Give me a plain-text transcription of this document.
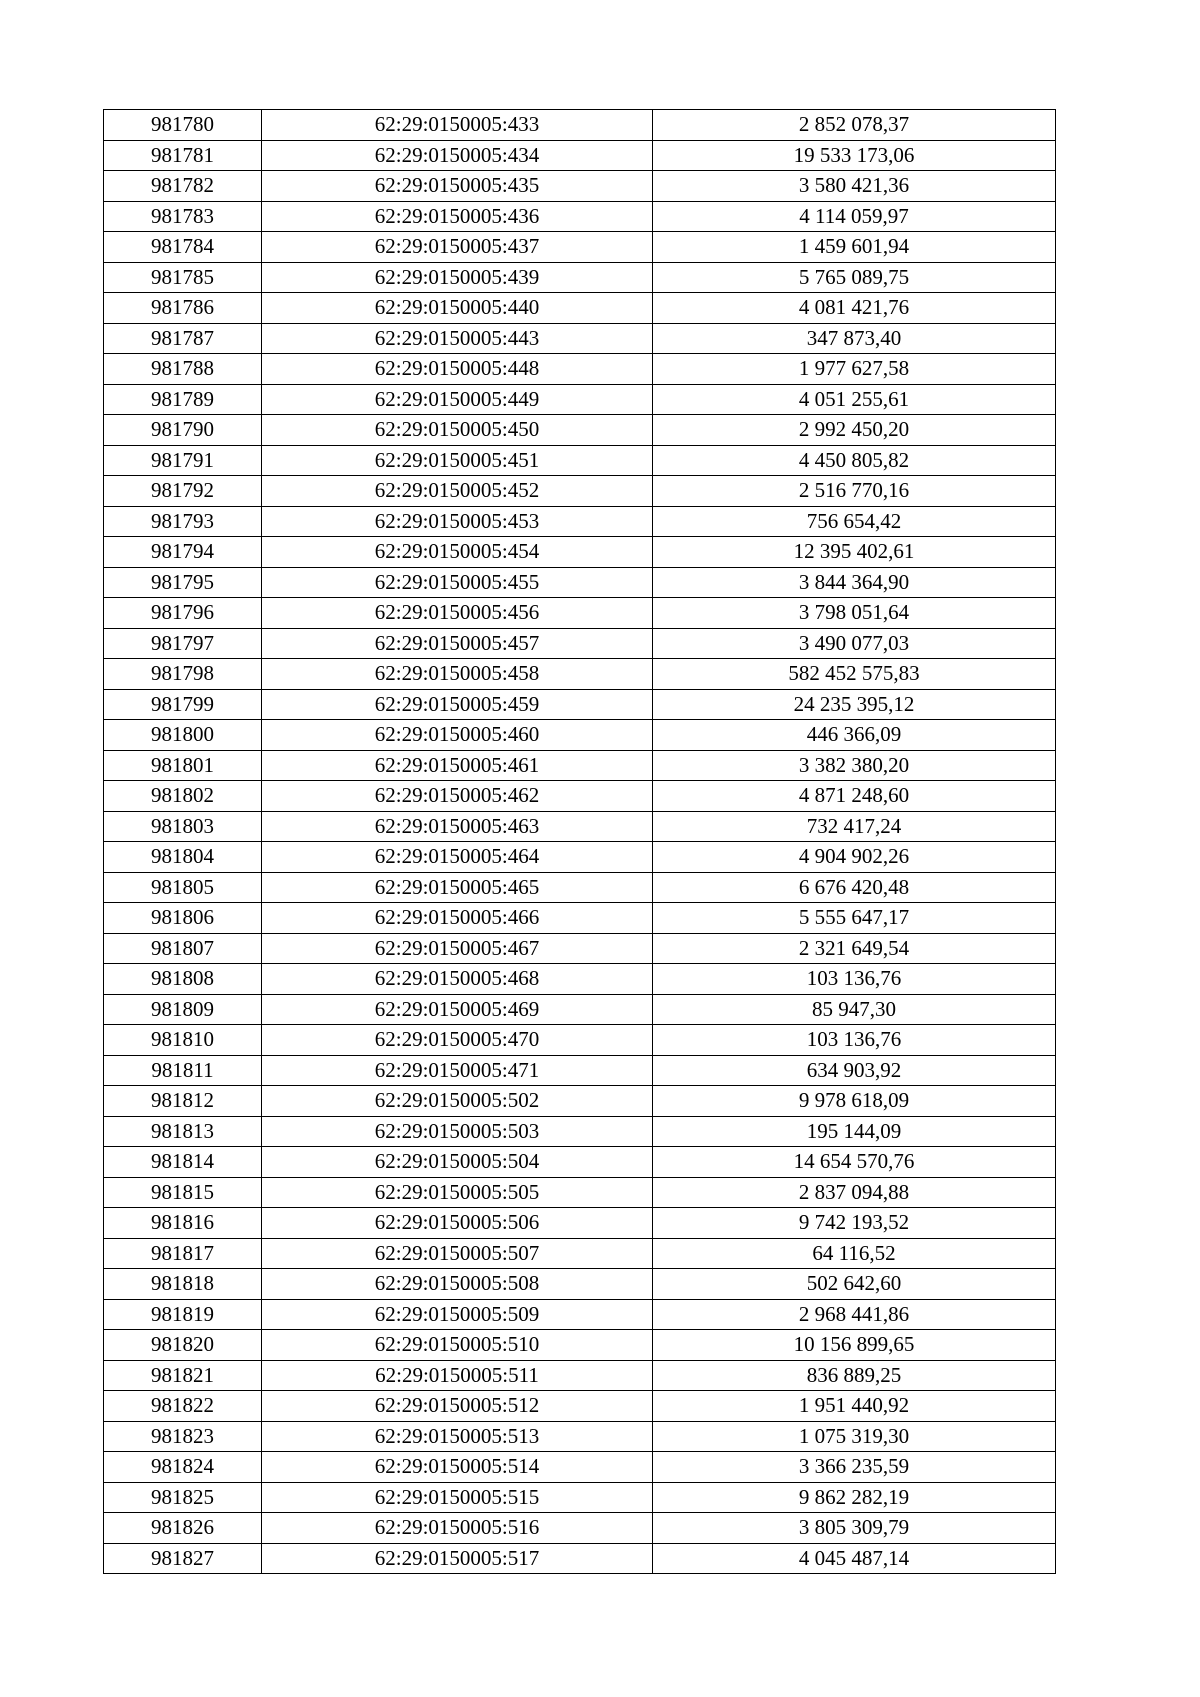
981780	62:29:0150005:433	2 852 078,37
981781	62:29:0150005:434	19 533 173,06
981782	62:29:0150005:435	3 580 421,36
981783	62:29:0150005:436	4 114 059,97
981784	62:29:0150005:437	1 459 601,94
981785	62:29:0150005:439	5 765 089,75
981786	62:29:0150005:440	4 081 421,76
981787	62:29:0150005:443	347 873,40
981788	62:29:0150005:448	1 977 627,58
981789	62:29:0150005:449	4 051 255,61
981790	62:29:0150005:450	2 992 450,20
981791	62:29:0150005:451	4 450 805,82
981792	62:29:0150005:452	2 516 770,16
981793	62:29:0150005:453	756 654,42
981794	62:29:0150005:454	12 395 402,61
981795	62:29:0150005:455	3 844 364,90
981796	62:29:0150005:456	3 798 051,64
981797	62:29:0150005:457	3 490 077,03
981798	62:29:0150005:458	582 452 575,83
981799	62:29:0150005:459	24 235 395,12
981800	62:29:0150005:460	446 366,09
981801	62:29:0150005:461	3 382 380,20
981802	62:29:0150005:462	4 871 248,60
981803	62:29:0150005:463	732 417,24
981804	62:29:0150005:464	4 904 902,26
981805	62:29:0150005:465	6 676 420,48
981806	62:29:0150005:466	5 555 647,17
981807	62:29:0150005:467	2 321 649,54
981808	62:29:0150005:468	103 136,76
981809	62:29:0150005:469	85 947,30
981810	62:29:0150005:470	103 136,76
981811	62:29:0150005:471	634 903,92
981812	62:29:0150005:502	9 978 618,09
981813	62:29:0150005:503	195 144,09
981814	62:29:0150005:504	14 654 570,76
981815	62:29:0150005:505	2 837 094,88
981816	62:29:0150005:506	9 742 193,52
981817	62:29:0150005:507	64 116,52
981818	62:29:0150005:508	502 642,60
981819	62:29:0150005:509	2 968 441,86
981820	62:29:0150005:510	10 156 899,65
981821	62:29:0150005:511	836 889,25
981822	62:29:0150005:512	1 951 440,92
981823	62:29:0150005:513	1 075 319,30
981824	62:29:0150005:514	3 366 235,59
981825	62:29:0150005:515	9 862 282,19
981826	62:29:0150005:516	3 805 309,79
981827	62:29:0150005:517	4 045 487,14
